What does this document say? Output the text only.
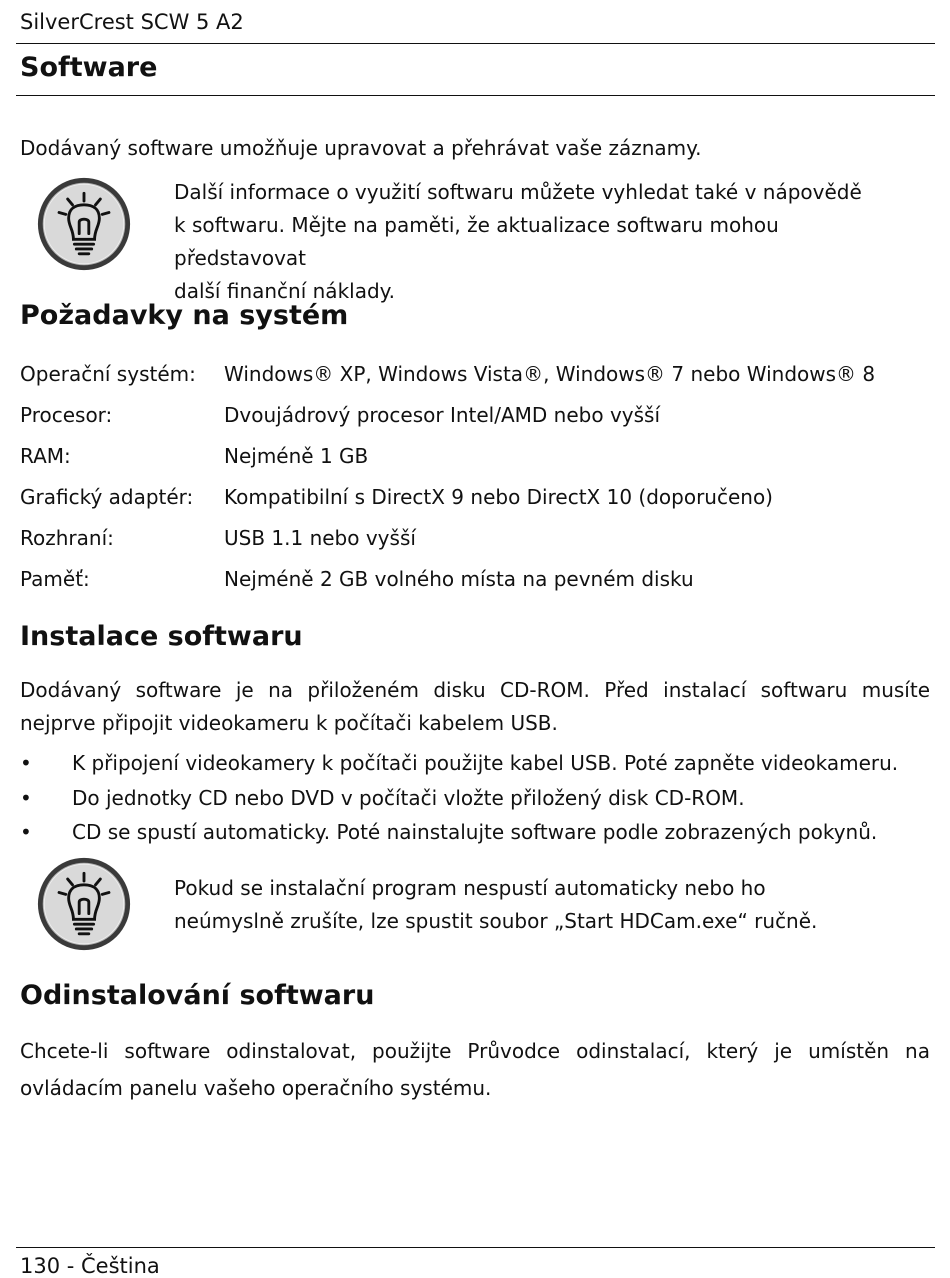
SilverCrest SCW 5 A2
Software
Dodávaný software umožňuje upravovat a přehrávat vaše záznamy.
Další informace o využití softwaru můžete vyhledat také v nápovědě
k softwaru. Mějte na paměti, že aktualizace softwaru mohou představovat
další finanční náklady.
Požadavky na systém
Operační systém: Windows® XP, Windows Vista®, Windows® 7 nebo Windows® 8
Procesor:	Dvoujádrový procesor Intel/AMD nebo vyšší
RAM:	Nejméně 1 GB
Grafický adaptér: Kompatibilní s DirectX 9 nebo DirectX 10 (doporučeno)
Rozhraní:	USB 1.1 nebo vyšší
Paměť:	Nejméně 2 GB volného místa na pevném disku
Instalace softwaru
Dodávaný software je na přiloženém disku CD-ROM. Před instalací softwaru musíte nejprve připojit videokameru k počítači kabelem USB.
• K připojení videokamery k počítači použijte kabel USB. Poté zapněte videokameru.
• Do jednotky CD nebo DVD v počítači vložte přiložený disk CD-ROM.
• CD se spustí automaticky. Poté nainstalujte software podle zobrazených pokynů.
Pokud se instalační program nespustí automaticky nebo ho
neúmyslně zrušíte, lze spustit soubor „Start HDCam.exe“ ručně.
Odinstalování softwaru
Chcete-li software odinstalovat, použijte Průvodce odinstalací, který je umístěn na ovládacím panelu vašeho operačního systému.
130 - Čeština
